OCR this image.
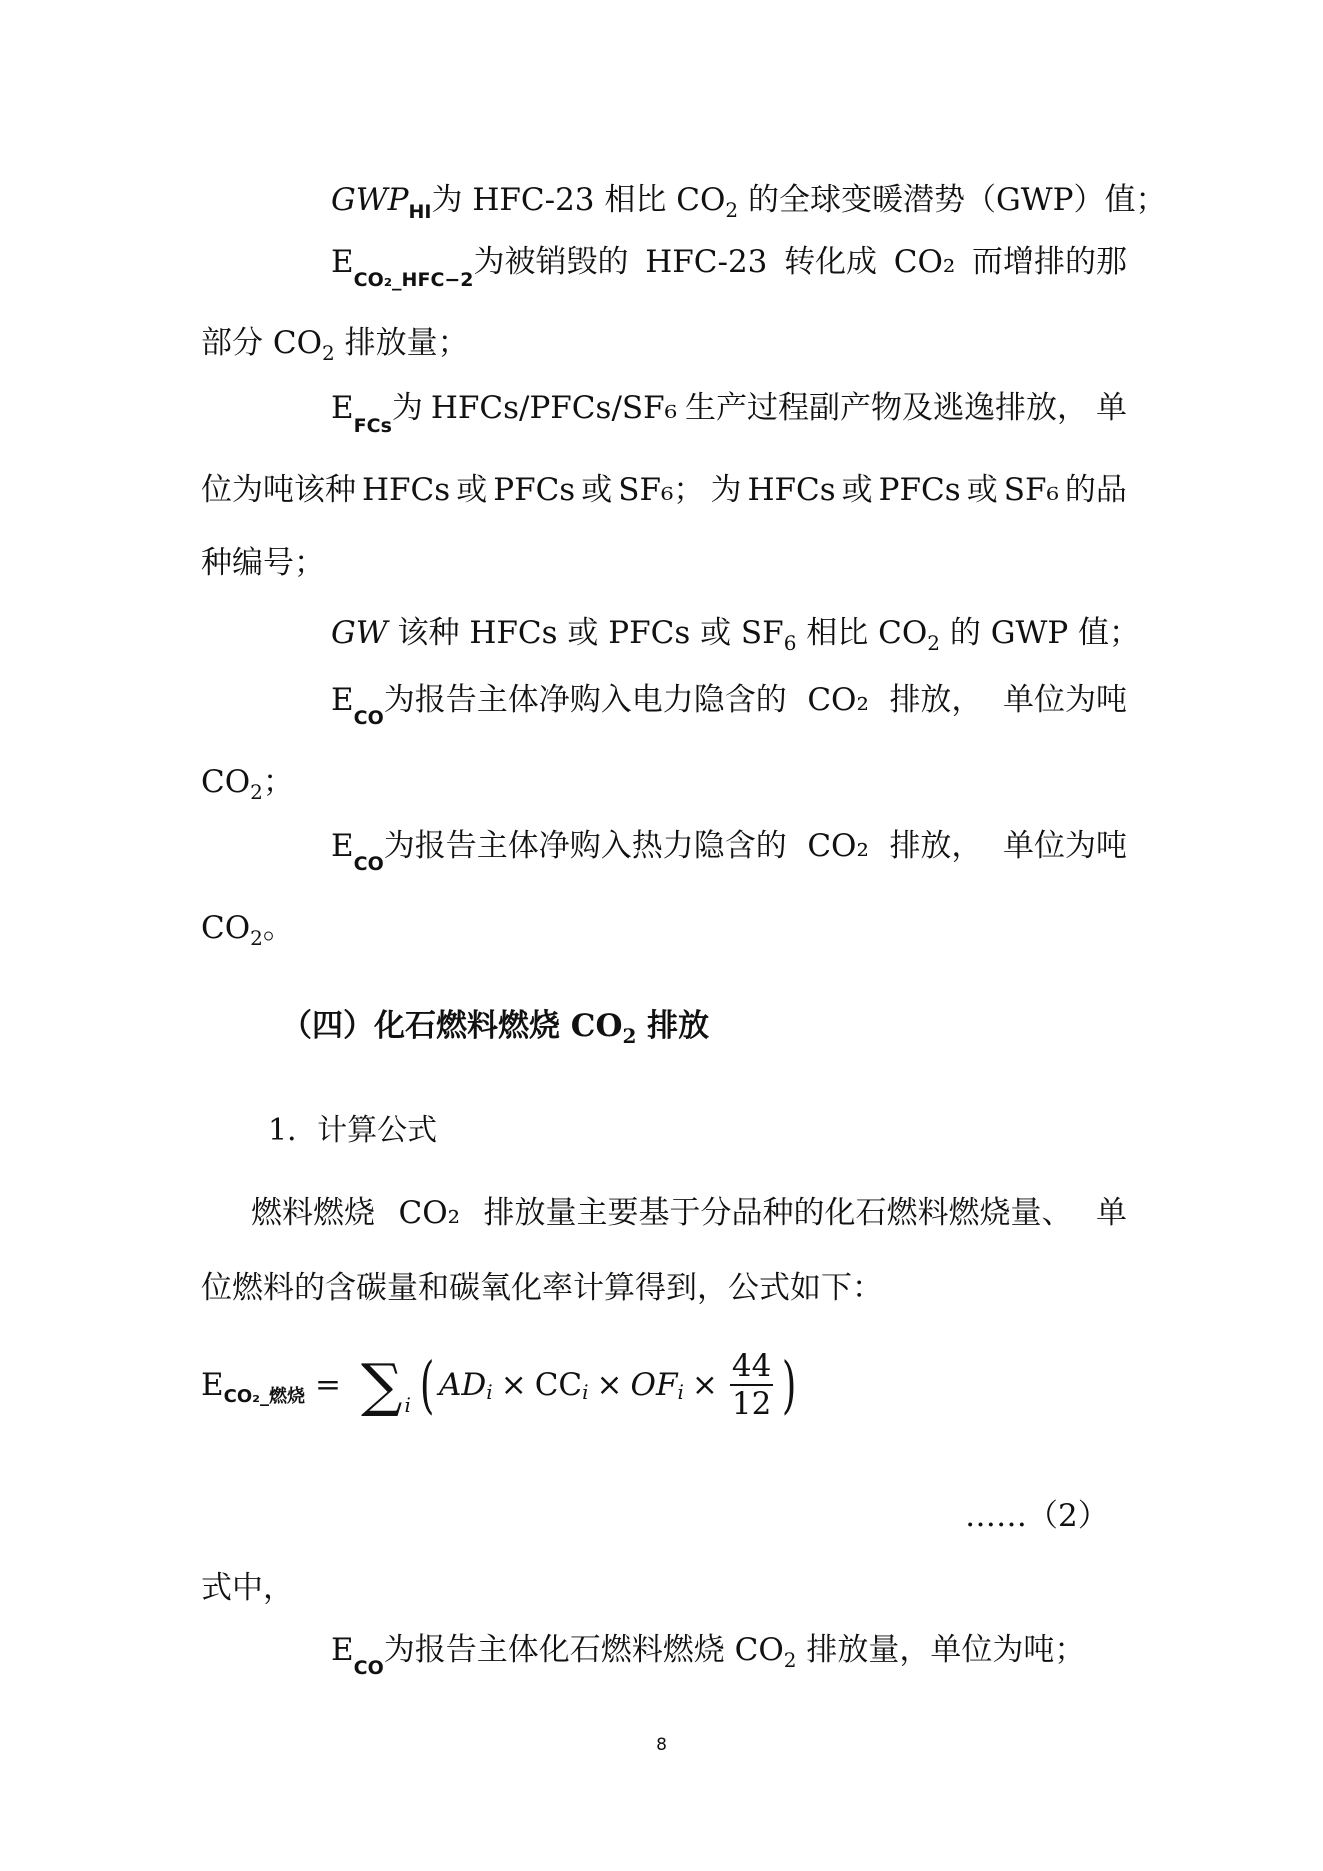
$GWP_{HI}$为 HFC-23 相比 $CO_2$ 的全球变暖潜势（GWP）值；
$E_{CO_2\_HFC-2}$为被销毁的 HFC-23 转化成 CO₂ 而增排的那
部分 $CO_2$ 排放量；
$E_{FCs}$为 HFCs/PFCs/SF₆ 生产过程副产物及逃逸排放， 单
位为吨该种 HFCs 或 PFCs 或 SF₆； 为 HFCs 或 PFCs 或 SF₆ 的品
种编号；
GW 该种 HFCs 或 PFCs 或 $SF_6$ 相比 $CO_2$ 的 GWP 值；
$E_{CO}$为报告主体净购入电力隐含的 CO₂ 排放， 单位为吨
$CO_2$；
$E_{CO}$为报告主体净购入热力隐含的 CO₂ 排放， 单位为吨
$CO_2$。
（四）化石燃料燃烧 $CO_2$ 排放
1．计算公式
燃料燃烧 CO₂ 排放量主要基于分品种的化石燃料燃烧量、 单
位燃料的含碳量和碳氧化率计算得到，公式如下：
E CO₂_燃烧 = ∑ i ( AD i × CC i × OF $i \times \frac{44}{12}$ )
……（2）
式中，
$E_{CO}$为报告主体化石燃料燃烧 $CO_2$ 排放量，单位为吨；
8
